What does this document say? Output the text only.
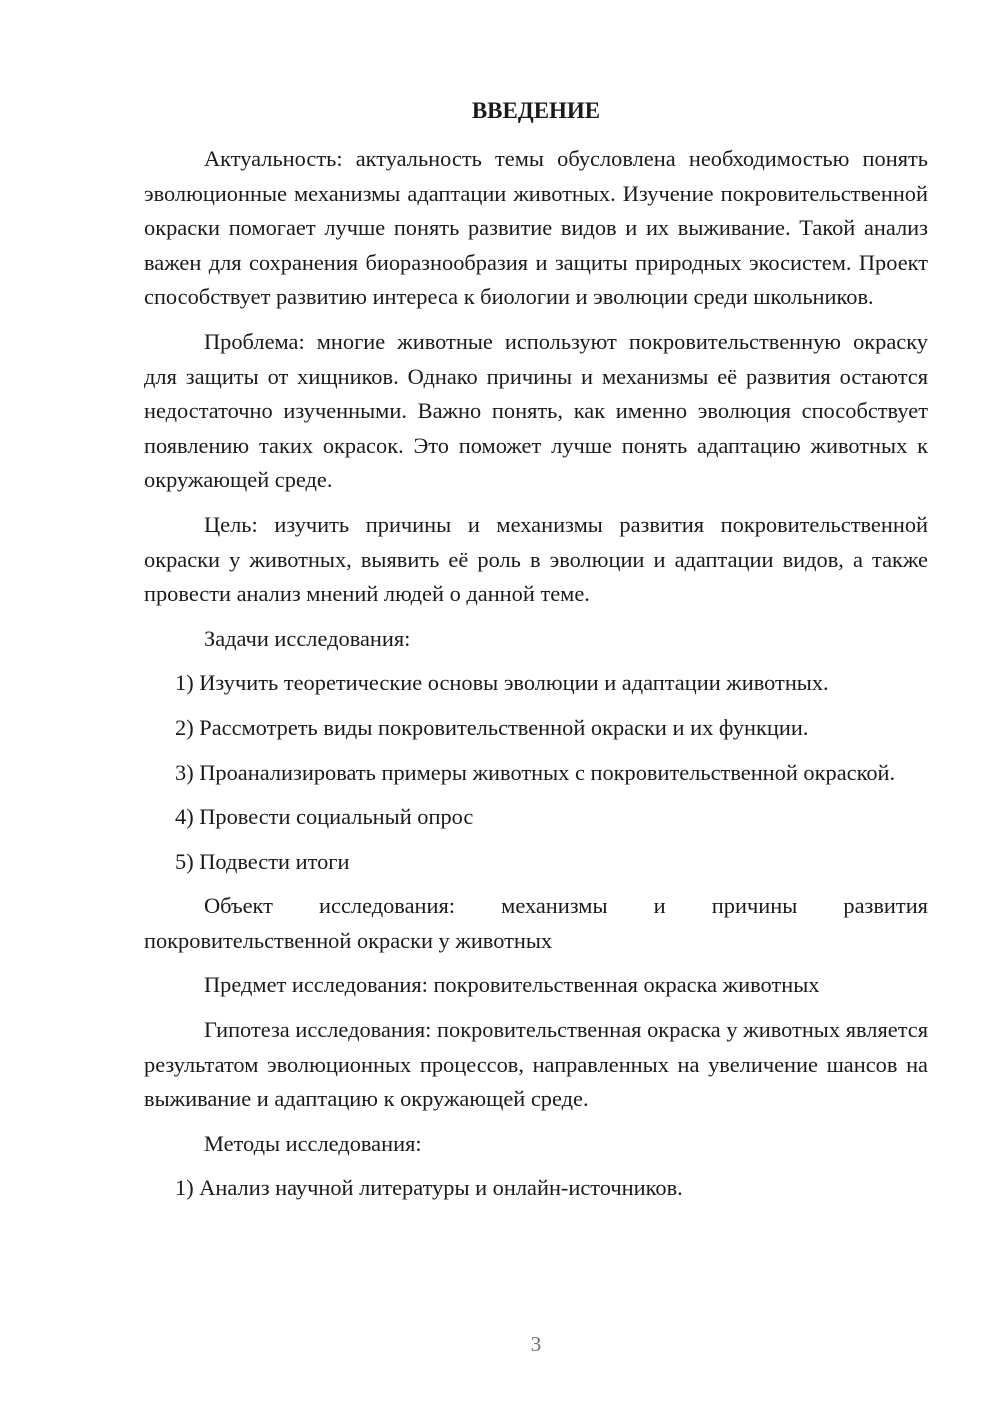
ВВЕДЕНИЕ

Актуальность: актуальность темы обусловлена необходимостью понять эволюционные механизмы адаптации животных. Изучение покровительственной окраски помогает лучше понять развитие видов и их выживание. Такой анализ важен для сохранения биоразнообразия и защиты природных экосистем. Проект способствует развитию интереса к биологии и эволюции среди школьников.

Проблема: многие животные используют покровительственную окраску для защиты от хищников. Однако причины и механизмы её развития остаются недостаточно изученными. Важно понять, как именно эволюция способствует появлению таких окрасок. Это поможет лучше понять адаптацию животных к окружающей среде.

Цель: изучить причины и механизмы развития покровительственной окраски у животных, выявить её роль в эволюции и адаптации видов, а также провести анализ мнений людей о данной теме.

Задачи исследования:

1) Изучить теоретические основы эволюции и адаптации животных.

2) Рассмотреть виды покровительственной окраски и их функции.

3) Проанализировать примеры животных с покровительственной окраской.

4) Провести социальный опрос

5) Подвести итоги

Объект исследования: механизмы и причины развития покровительственной окраски у животных

Предмет исследования: покровительственная окраска животных

Гипотеза исследования: покровительственная окраска у животных является результатом эволюционных процессов, направленных на увеличение шансов на выживание и адаптацию к окружающей среде.

Методы исследования:

1) Анализ научной литературы и онлайн-источников.

3
